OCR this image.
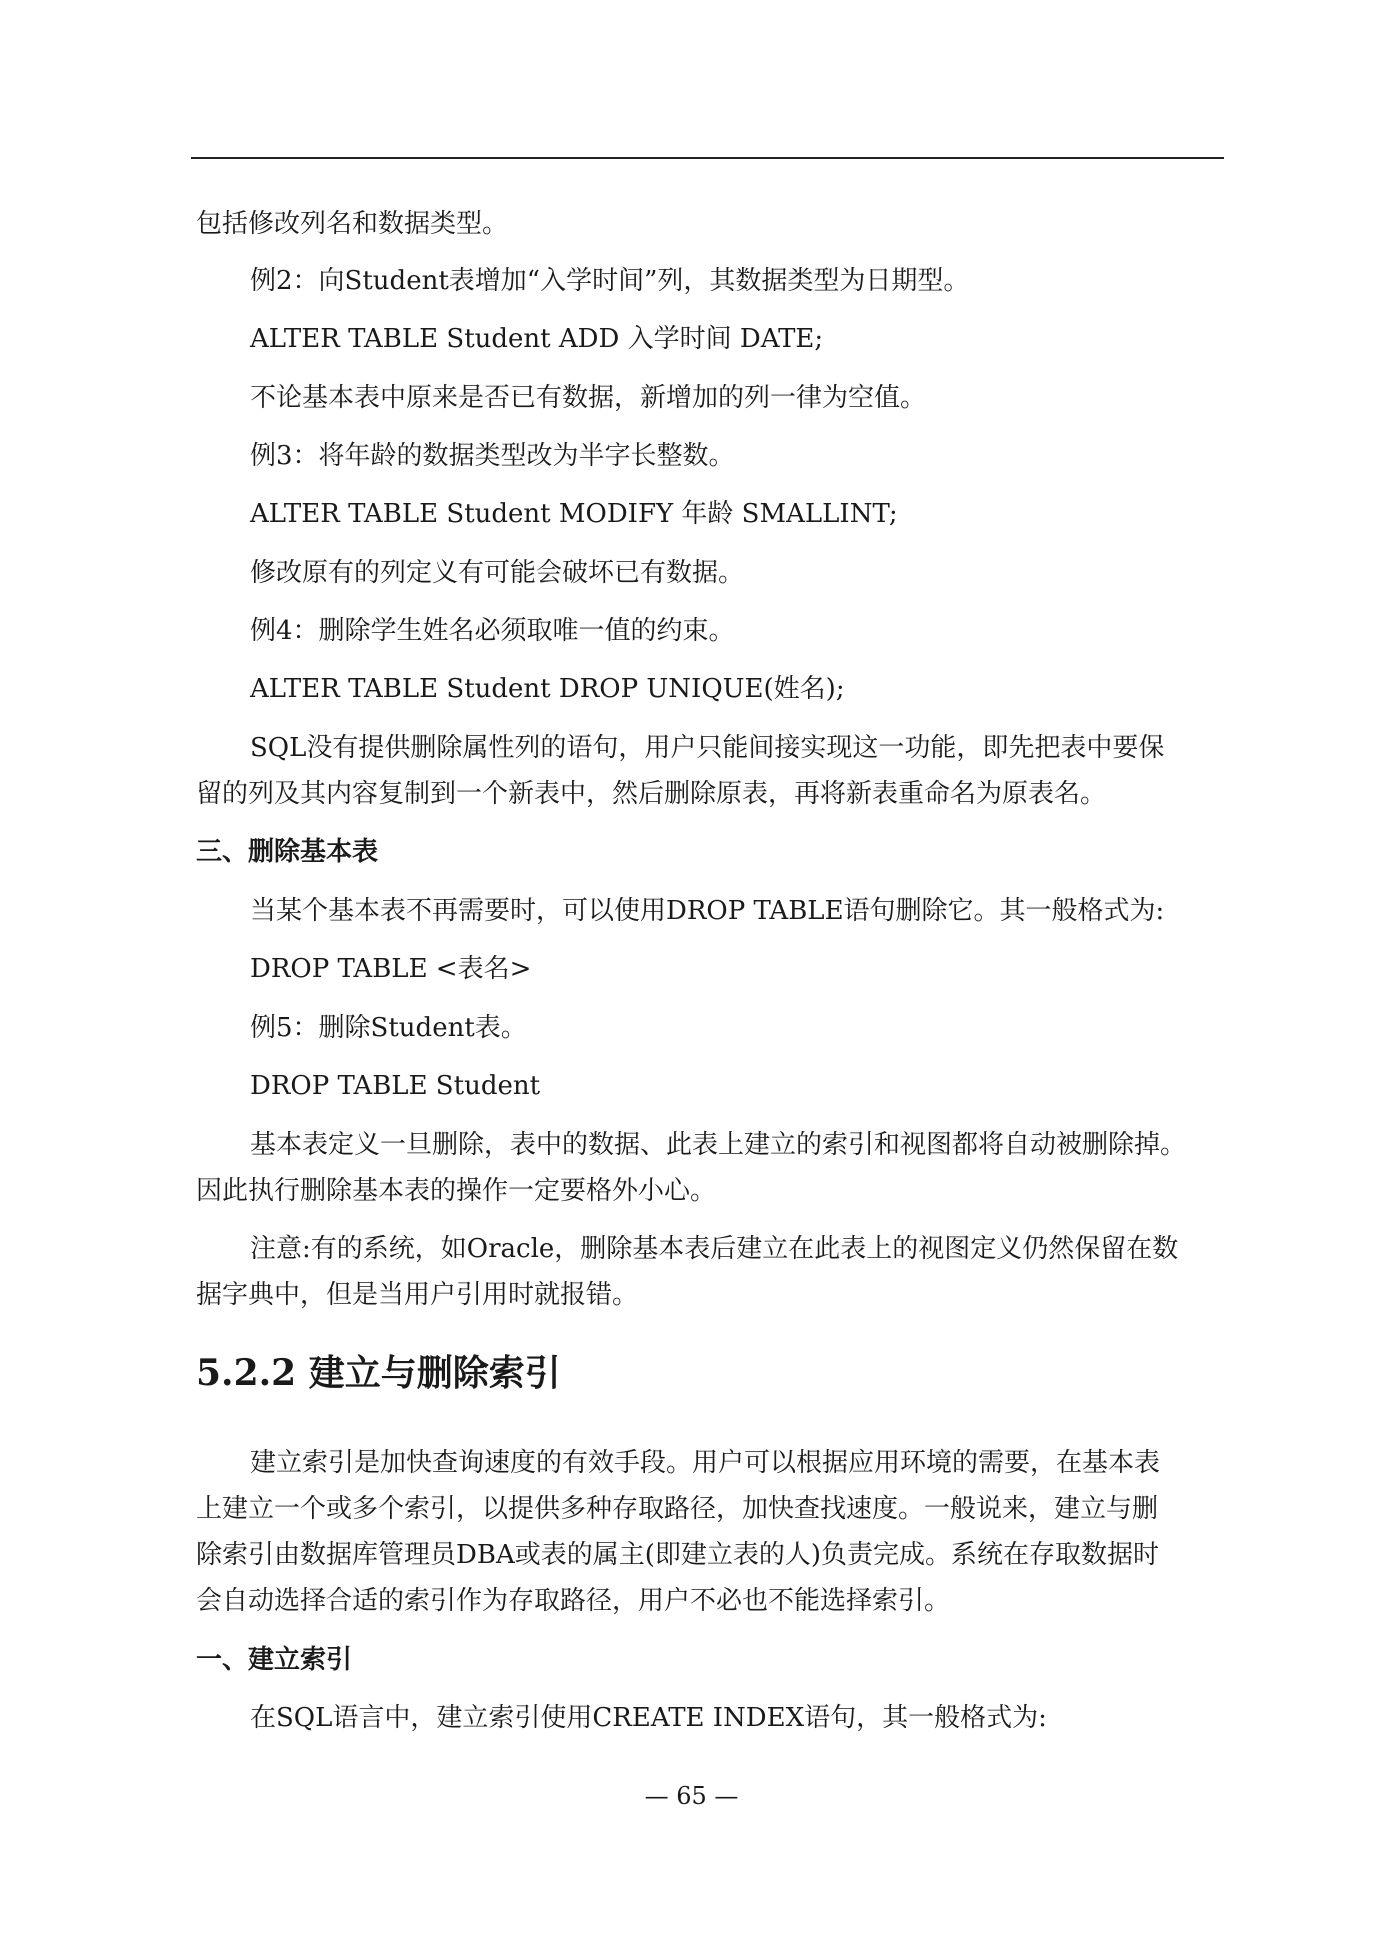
包括修改列名和数据类型。
例2：向Student表增加“入学时间”列，其数据类型为日期型。
ALTER TABLE Student ADD 入学时间 DATE;
不论基本表中原来是否已有数据，新增加的列一律为空值。
例3：将年龄的数据类型改为半字长整数。
ALTER TABLE Student MODIFY 年龄 SMALLINT;
修改原有的列定义有可能会破坏已有数据。
例4：删除学生姓名必须取唯一值的约束。
ALTER TABLE Student DROP UNIQUE(姓名);
SQL没有提供删除属性列的语句，用户只能间接实现这一功能，即先把表中要保
留的列及其内容复制到一个新表中，然后删除原表，再将新表重命名为原表名。
三、删除基本表
当某个基本表不再需要时，可以使用DROP TABLE语句删除它。其一般格式为:
DROP TABLE <表名>
例5：删除Student表。
DROP TABLE Student
基本表定义一旦删除，表中的数据、此表上建立的索引和视图都将自动被删除掉。
因此执行删除基本表的操作一定要格外小心。
注意:有的系统，如Oracle，删除基本表后建立在此表上的视图定义仍然保留在数
据字典中，但是当用户引用时就报错。
5.2.2 建立与删除索引
建立索引是加快查询速度的有效手段。用户可以根据应用环境的需要，在基本表
上建立一个或多个索引，以提供多种存取路径，加快查找速度。一般说来，建立与删
除索引由数据库管理员DBA或表的属主(即建立表的人)负责完成。系统在存取数据时
会自动选择合适的索引作为存取路径，用户不必也不能选择索引。
一、建立索引
在SQL语言中，建立索引使用CREATE INDEX语句，其一般格式为:
— 65 —
